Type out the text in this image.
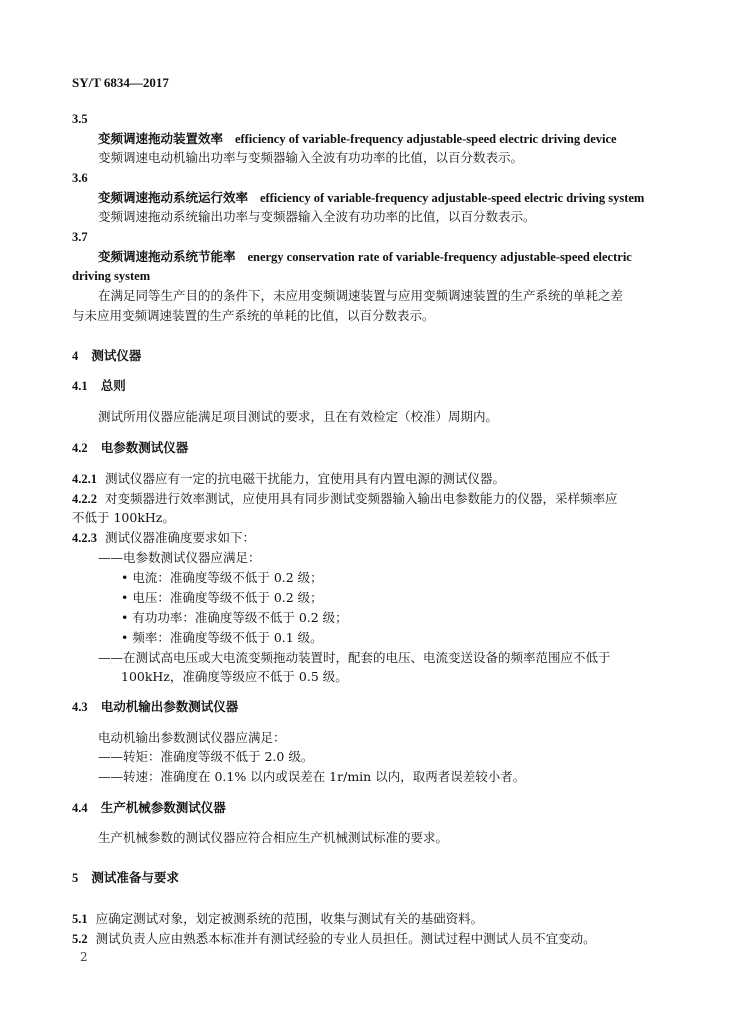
SY/T 6834—2017
3.5
变频调速拖动装置效率 efficiency of variable-frequency adjustable-speed electric driving device
变频调速电动机输出功率与变频器输入全波有功功率的比值，以百分数表示。
3.6
变频调速拖动系统运行效率 efficiency of variable-frequency adjustable-speed electric driving system
变频调速拖动系统输出功率与变频器输入全波有功功率的比值，以百分数表示。
3.7
变频调速拖动系统节能率 energy conservation rate of variable-frequency adjustable-speed electric
driving system
在满足同等生产目的的条件下，未应用变频调速装置与应用变频调速装置的生产系统的单耗之差
与未应用变频调速装置的生产系统的单耗的比值，以百分数表示。
4 测试仪器
4.1 总则
测试所用仪器应能满足项目测试的要求，且在有效检定（校准）周期内。
4.2 电参数测试仪器
4.2.1 测试仪器应有一定的抗电磁干扰能力，宜使用具有内置电源的测试仪器。
4.2.2 对变频器进行效率测试，应使用具有同步测试变频器输入输出电参数能力的仪器，采样频率应
不低于 100kHz。
4.2.3 测试仪器准确度要求如下：
——电参数测试仪器应满足：
• 电流：准确度等级不低于 0.2 级；
• 电压：准确度等级不低于 0.2 级；
• 有功功率：准确度等级不低于 0.2 级；
• 频率：准确度等级不低于 0.1 级。
——在测试高电压或大电流变频拖动装置时，配套的电压、电流变送设备的频率范围应不低于
100kHz，准确度等级应不低于 0.5 级。
4.3 电动机输出参数测试仪器
电动机输出参数测试仪器应满足：
——转矩：准确度等级不低于 2.0 级。
——转速：准确度在 0.1% 以内或误差在 1r/min 以内，取两者误差较小者。
4.4 生产机械参数测试仪器
生产机械参数的测试仪器应符合相应生产机械测试标准的要求。
5 测试准备与要求
5.1 应确定测试对象，划定被测系统的范围，收集与测试有关的基础资料。
5.2 测试负责人应由熟悉本标准并有测试经验的专业人员担任。测试过程中测试人员不宜变动。
2
